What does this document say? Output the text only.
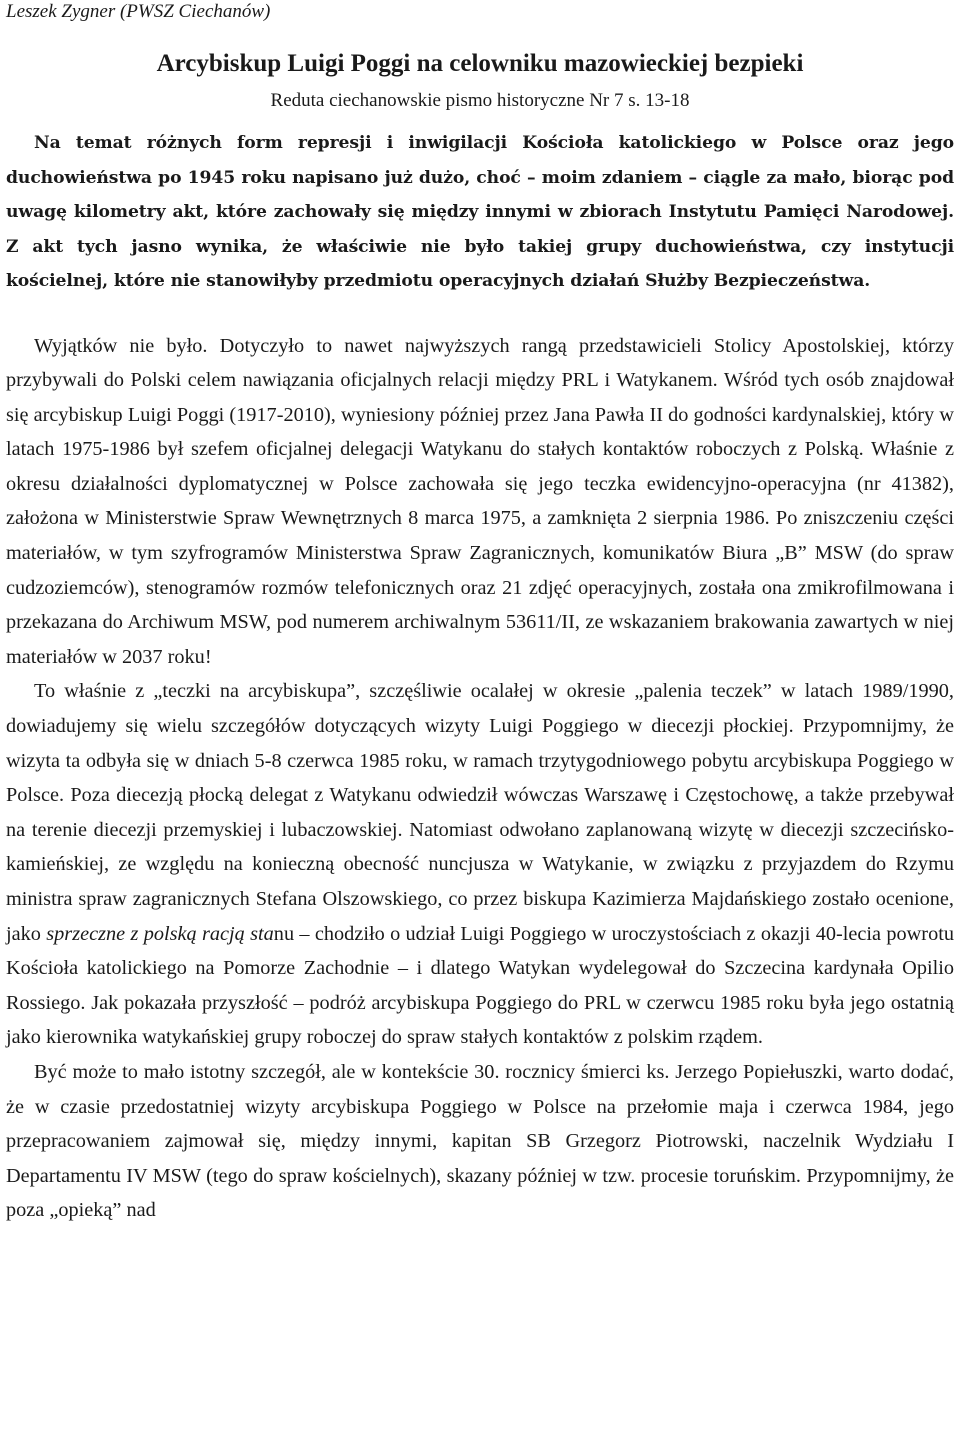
Leszek Zygner (PWSZ Ciechanów)

Arcybiskup Luigi Poggi na celowniku mazowieckiej bezpieki

Reduta ciechanowskie pismo historyczne Nr 7 s. 13-18

Na temat różnych form represji i inwigilacji Kościoła katolickiego w Polsce oraz jego duchowieństwa po 1945 roku napisano już dużo, choć – moim zdaniem – ciągle za mało, biorąc pod uwagę kilometry akt, które zachowały się między innymi w zbiorach Instytutu Pamięci Narodowej. Z akt tych jasno wynika, że właściwie nie było takiej grupy duchowieństwa, czy instytucji kościelnej, które nie stanowiłyby przedmiotu operacyjnych działań Służby Bezpieczeństwa.

Wyjątków nie było. Dotyczyło to nawet najwyższych rangą przedstawicieli Stolicy Apostolskiej, którzy przybywali do Polski celem nawiązania oficjalnych relacji między PRL i Watykanem. Wśród tych osób znajdował się arcybiskup Luigi Poggi (1917-2010), wyniesiony później przez Jana Pawła II do godności kardynalskiej, który w latach 1975-1986 był szefem oficjalnej delegacji Watykanu do stałych kontaktów roboczych z Polską. Właśnie z okresu działalności dyplomatycznej w Polsce zachowała się jego teczka ewidencyjno-operacyjna (nr 41382), założona w Ministerstwie Spraw Wewnętrznych 8 marca 1975, a zamknięta 2 sierpnia 1986. Po zniszczeniu części materiałów, w tym szyfrogramów Ministerstwa Spraw Zagranicznych, komunikatów Biura „B” MSW (do spraw cudzoziemców), stenogramów rozmów telefonicznych oraz 21 zdjęć operacyjnych, została ona zmikrofilmowana i przekazana do Archiwum MSW, pod numerem archiwalnym 53611/II, ze wskazaniem brakowania zawartych w niej materiałów w 2037 roku!

To właśnie z „teczki na arcybiskupa”, szczęśliwie ocalałej w okresie „palenia teczek” w latach 1989/1990, dowiadujemy się wielu szczegółów dotyczących wizyty Luigi Poggiego w diecezji płockiej. Przypomnijmy, że wizyta ta odbyła się w dniach 5-8 czerwca 1985 roku, w ramach trzytygodniowego pobytu arcybiskupa Poggiego w Polsce. Poza diecezją płocką delegat z Watykanu odwiedził wówczas Warszawę i Częstochowę, a także przebywał na terenie diecezji przemyskiej i lubaczowskiej. Natomiast odwołano zaplanowaną wizytę w diecezji szczecińsko-kamieńskiej, ze względu na konieczną obecność nuncjusza w Watykanie, w związku z przyjazdem do Rzymu ministra spraw zagranicznych Stefana Olszowskiego, co przez biskupa Kazimierza Majdańskiego zostało ocenione, jako sprzeczne z polską racją stanu – chodziło o udział Luigi Poggiego w uroczystościach z okazji 40-lecia powrotu Kościoła katolickiego na Pomorze Zachodnie – i dlatego Watykan wydelegował do Szczecina kardynała Opilio Rossiego. Jak pokazała przyszłość – podróż arcybiskupa Poggiego do PRL w czerwcu 1985 roku była jego ostatnią jako kierownika watykańskiej grupy roboczej do spraw stałych kontaktów z polskim rządem.

Być może to mało istotny szczegół, ale w kontekście 30. rocznicy śmierci ks. Jerzego Popiełuszki, warto dodać, że w czasie przedostatniej wizyty arcybiskupa Poggiego w Polsce na przełomie maja i czerwca 1984, jego przepracowaniem zajmował się, między innymi, kapitan SB Grzegorz Piotrowski, naczelnik Wydziału I Departamentu IV MSW (tego do spraw kościelnych), skazany później w tzw. procesie toruńskim. Przypomnijmy, że poza „opieką” nad
